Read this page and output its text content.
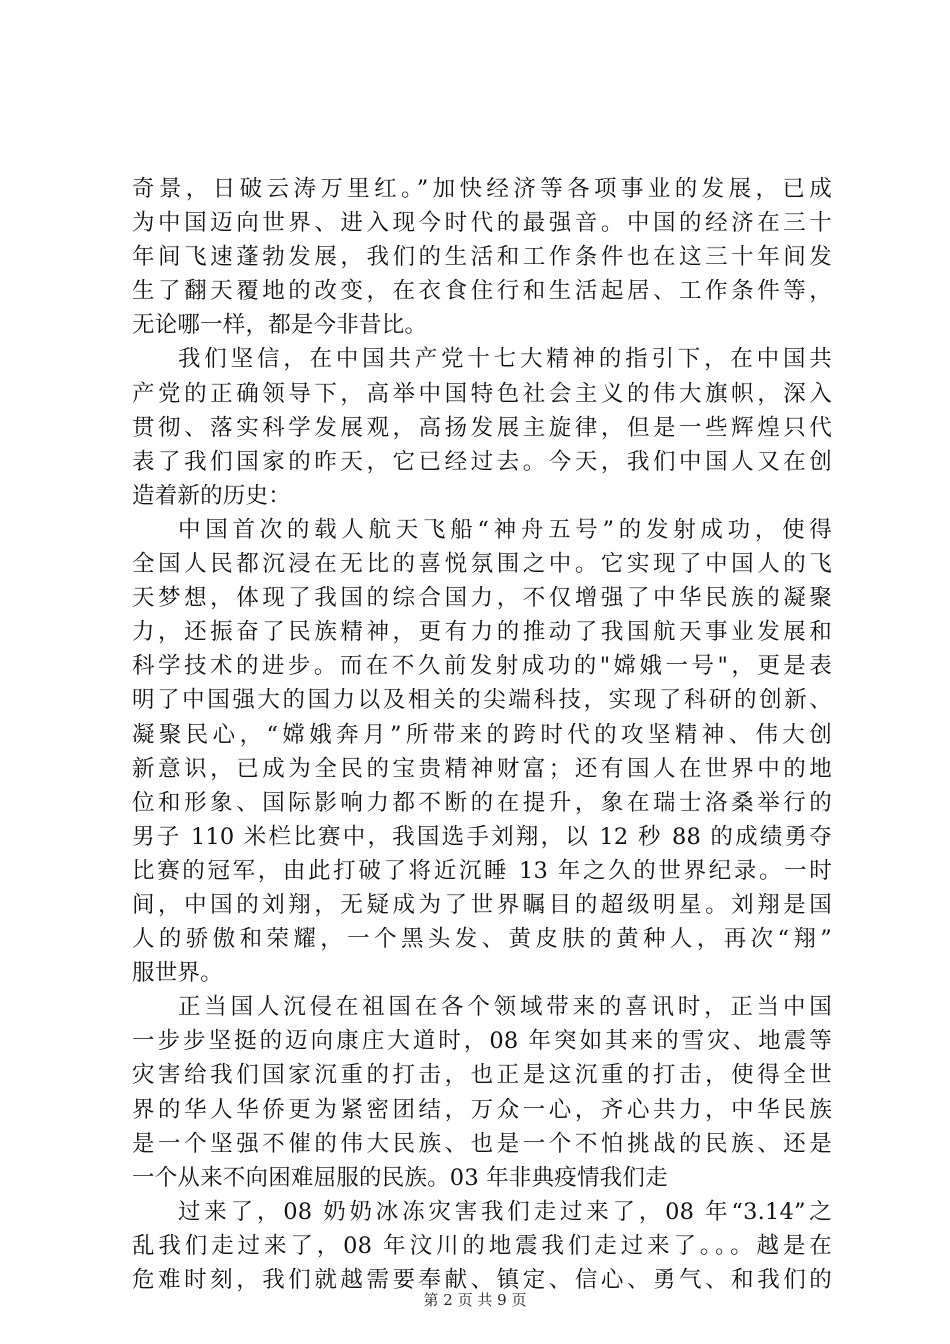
奇景，日破云涛万里红。”加快经济等各项事业的发展，已成
为中国迈向世界、进入现今时代的最强音。中国的经济在三十
年间飞速蓬勃发展，我们的生活和工作条件也在这三十年间发
生了翻天覆地的改变，在衣食住行和生活起居、工作条件等，
无论哪一样，都是今非昔比。
我们坚信，在中国共产党十七大精神的指引下，在中国共
产党的正确领导下，高举中国特色社会主义的伟大旗帜，深入
贯彻、落实科学发展观，高扬发展主旋律，但是一些辉煌只代
表了我们国家的昨天，它已经过去。今天，我们中国人又在创
造着新的历史：
中国首次的载人航天飞船“神舟五号”的发射成功，使得
全国人民都沉浸在无比的喜悦氛围之中。它实现了中国人的飞
天梦想，体现了我国的综合国力，不仅增强了中华民族的凝聚
力，还振奋了民族精神，更有力的推动了我国航天事业发展和
科学技术的进步。而在不久前发射成功的"嫦娥一号"，更是表
明了中国强大的国力以及相关的尖端科技，实现了科研的创新、
凝聚民心，“嫦娥奔月”所带来的跨时代的攻坚精神、伟大创
新意识，已成为全民的宝贵精神财富；还有国人在世界中的地
位和形象、国际影响力都不断的在提升，象在瑞士洛桑举行的
男子 110 米栏比赛中，我国选手刘翔，以 12 秒 88 的成绩勇夺
比赛的冠军，由此打破了将近沉睡 13 年之久的世界纪录。一时
间，中国的刘翔，无疑成为了世界瞩目的超级明星。刘翔是国
人的骄傲和荣耀，一个黑头发、黄皮肤的黄种人，再次“翔”
服世界。
正当国人沉侵在祖国在各个领域带来的喜讯时，正当中国
一步步坚挺的迈向康庄大道时，08 年突如其来的雪灾、地震等
灾害给我们国家沉重的打击，也正是这沉重的打击，使得全世
界的华人华侨更为紧密团结，万众一心，齐心共力，中华民族
是一个坚强不催的伟大民族、也是一个不怕挑战的民族、还是
一个从来不向困难屈服的民族。03 年非典疫情我们走
过来了，08 奶奶冰冻灾害我们走过来了，08 年“3.14”之
乱我们走过来了，08 年汶川的地震我们走过来了。。。越是在
危难时刻，我们就越需要奉献、镇定、信心、勇气、和我们的
第 2 页 共 9 页
